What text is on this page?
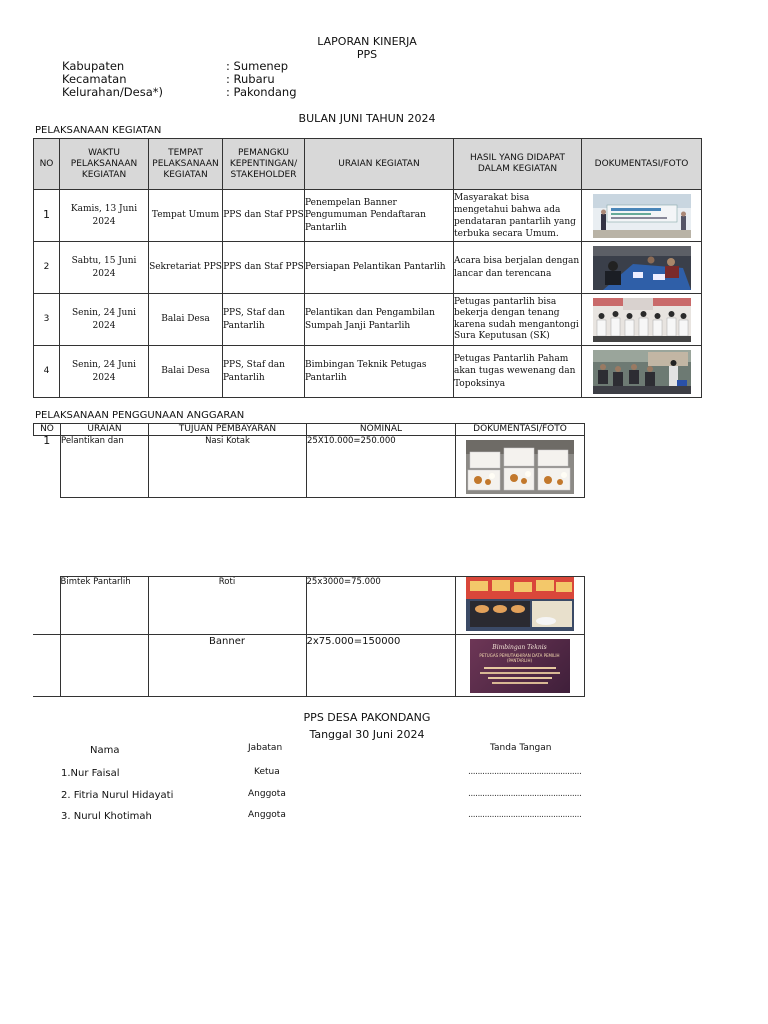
LAPORAN KINERJA
PPS
Kabupaten	: Sumenep
Kecamatan	: Rubaru
Kelurahan/Desa*)	: Pakondang
BULAN JUNI TAHUN 2024
PELAKSANAAN KEGIATAN
NO	WAKTU PELAKSANAAN KEGIATAN	TEMPAT PELAKSANAAN KEGIATAN	PEMANGKU KEPENTINGAN/ STAKEHOLDER	URAIAN KEGIATAN	HASIL YANG DIDAPAT DALAM KEGIATAN	DOKUMENTASI/FOTO
1	Kamis, 13 Juni 2024	Tempat Umum	PPS dan Staf PPS	Penempelan Banner Pengumuman Pendaftaran Pantarlih	Masyarakat bisa mengetahui bahwa ada pendataran pantarlih yang terbuka secara Umum.	

2	Sabtu, 15 Juni 2024	Sekretariat PPS	PPS dan Staf PPS	Persiapan Pelantikan Pantarlih	Acara bisa berjalan dengan lancar dan terencana	

3	Senin, 24 Juni 2024	Balai Desa	PPS, Staf dan Pantarlih	Pelantikan dan Pengambilan Sumpah Janji Pantarlih	Petugas pantarlih bisa bekerja dengan tenang karena sudah mengantongi Sura Keputusan (SK)	

4	Senin, 24 Juni 2024	Balai Desa	PPS, Staf dan Pantarlih	Bimbingan Teknik Petugas Pantarlih	Petugas Pantarlih Paham akan tugas wewenang dan Topoksinya	
PELAKSANAAN PENGGUNAAN ANGGARAN
NO	URAIAN	TUJUAN PEMBAYARAN	NOMINAL	DOKUMENTASI/FOTO
1	Pelantikan dan	Nasi Kotak	25X10.000=250.000	
	Bimtek Pantarlih	Roti	25x3000=75.000	

		Banner	2x75.000=150000	Bimbingan Teknis
PETUGAS PEMUTAKHIRAN DATA PEMILIH (PANTARLIH)
PPS DESA PAKONDANG
Tanggal 30 Juni 2024
Nama	Jabatan	Tanda Tangan
1.Nur Faisal	Ketua	................................................
2. Fitria Nurul Hidayati	Anggota	................................................
3. Nurul Khotimah	Anggota	................................................
